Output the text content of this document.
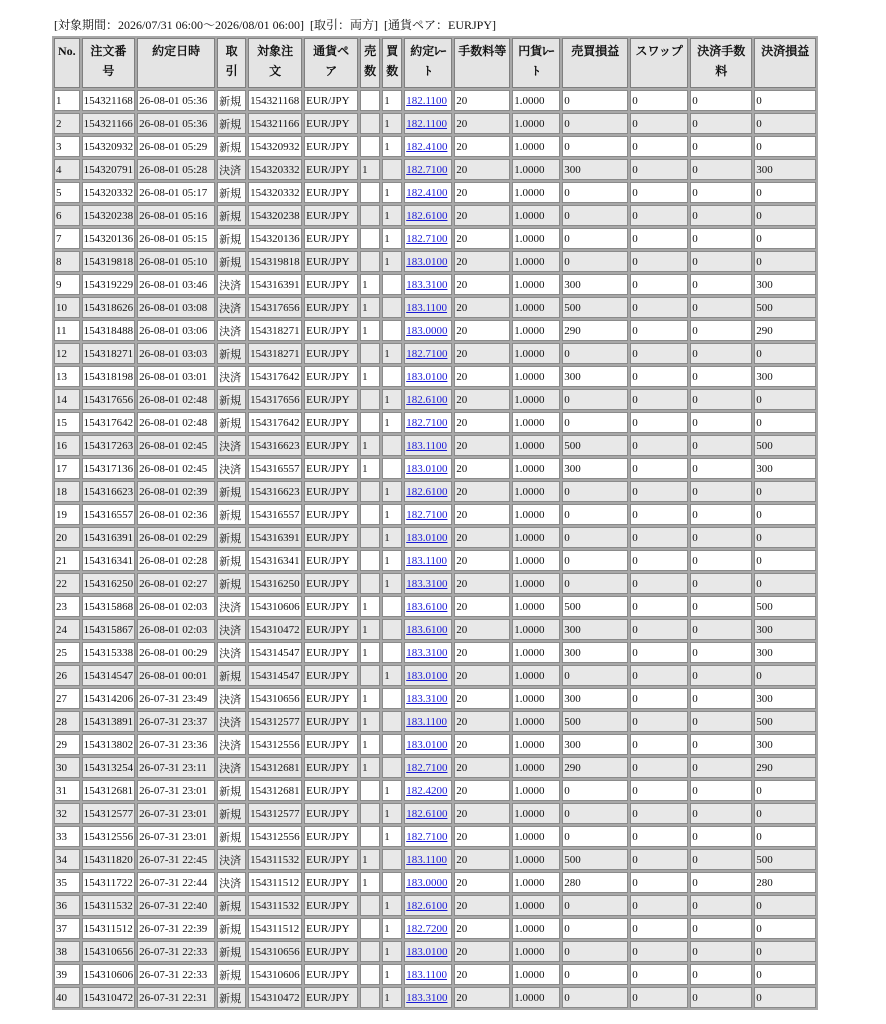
[対象期間：2026/07/31 06:00〜2026/08/01 06:00] [取引：両方] [通貨ペア：EURJPY]
No.	注文番号	約定日時	取引	対象注文	通貨ペア	売数	買数	約定ﾚｰﾄ	手数料等	円貨ﾚｰﾄ	売買損益	スワップ	決済手数料	決済損益
1	154321168	26-08-01 05:36	新規	154321168	EUR/JPY		1	182.1100	20	1.0000	0	0	0	0
2	154321166	26-08-01 05:36	新規	154321166	EUR/JPY		1	182.1100	20	1.0000	0	0	0	0
3	154320932	26-08-01 05:29	新規	154320932	EUR/JPY		1	182.4100	20	1.0000	0	0	0	0
4	154320791	26-08-01 05:28	決済	154320332	EUR/JPY	1		182.7100	20	1.0000	300	0	0	300
5	154320332	26-08-01 05:17	新規	154320332	EUR/JPY		1	182.4100	20	1.0000	0	0	0	0
6	154320238	26-08-01 05:16	新規	154320238	EUR/JPY		1	182.6100	20	1.0000	0	0	0	0
7	154320136	26-08-01 05:15	新規	154320136	EUR/JPY		1	182.7100	20	1.0000	0	0	0	0
8	154319818	26-08-01 05:10	新規	154319818	EUR/JPY		1	183.0100	20	1.0000	0	0	0	0
9	154319229	26-08-01 03:46	決済	154316391	EUR/JPY	1		183.3100	20	1.0000	300	0	0	300
10	154318626	26-08-01 03:08	決済	154317656	EUR/JPY	1		183.1100	20	1.0000	500	0	0	500
11	154318488	26-08-01 03:06	決済	154318271	EUR/JPY	1		183.0000	20	1.0000	290	0	0	290
12	154318271	26-08-01 03:03	新規	154318271	EUR/JPY		1	182.7100	20	1.0000	0	0	0	0
13	154318198	26-08-01 03:01	決済	154317642	EUR/JPY	1		183.0100	20	1.0000	300	0	0	300
14	154317656	26-08-01 02:48	新規	154317656	EUR/JPY		1	182.6100	20	1.0000	0	0	0	0
15	154317642	26-08-01 02:48	新規	154317642	EUR/JPY		1	182.7100	20	1.0000	0	0	0	0
16	154317263	26-08-01 02:45	決済	154316623	EUR/JPY	1		183.1100	20	1.0000	500	0	0	500
17	154317136	26-08-01 02:45	決済	154316557	EUR/JPY	1		183.0100	20	1.0000	300	0	0	300
18	154316623	26-08-01 02:39	新規	154316623	EUR/JPY		1	182.6100	20	1.0000	0	0	0	0
19	154316557	26-08-01 02:36	新規	154316557	EUR/JPY		1	182.7100	20	1.0000	0	0	0	0
20	154316391	26-08-01 02:29	新規	154316391	EUR/JPY		1	183.0100	20	1.0000	0	0	0	0
21	154316341	26-08-01 02:28	新規	154316341	EUR/JPY		1	183.1100	20	1.0000	0	0	0	0
22	154316250	26-08-01 02:27	新規	154316250	EUR/JPY		1	183.3100	20	1.0000	0	0	0	0
23	154315868	26-08-01 02:03	決済	154310606	EUR/JPY	1		183.6100	20	1.0000	500	0	0	500
24	154315867	26-08-01 02:03	決済	154310472	EUR/JPY	1		183.6100	20	1.0000	300	0	0	300
25	154315338	26-08-01 00:29	決済	154314547	EUR/JPY	1		183.3100	20	1.0000	300	0	0	300
26	154314547	26-08-01 00:01	新規	154314547	EUR/JPY		1	183.0100	20	1.0000	0	0	0	0
27	154314206	26-07-31 23:49	決済	154310656	EUR/JPY	1		183.3100	20	1.0000	300	0	0	300
28	154313891	26-07-31 23:37	決済	154312577	EUR/JPY	1		183.1100	20	1.0000	500	0	0	500
29	154313802	26-07-31 23:36	決済	154312556	EUR/JPY	1		183.0100	20	1.0000	300	0	0	300
30	154313254	26-07-31 23:11	決済	154312681	EUR/JPY	1		182.7100	20	1.0000	290	0	0	290
31	154312681	26-07-31 23:01	新規	154312681	EUR/JPY		1	182.4200	20	1.0000	0	0	0	0
32	154312577	26-07-31 23:01	新規	154312577	EUR/JPY		1	182.6100	20	1.0000	0	0	0	0
33	154312556	26-07-31 23:01	新規	154312556	EUR/JPY		1	182.7100	20	1.0000	0	0	0	0
34	154311820	26-07-31 22:45	決済	154311532	EUR/JPY	1		183.1100	20	1.0000	500	0	0	500
35	154311722	26-07-31 22:44	決済	154311512	EUR/JPY	1		183.0000	20	1.0000	280	0	0	280
36	154311532	26-07-31 22:40	新規	154311532	EUR/JPY		1	182.6100	20	1.0000	0	0	0	0
37	154311512	26-07-31 22:39	新規	154311512	EUR/JPY		1	182.7200	20	1.0000	0	0	0	0
38	154310656	26-07-31 22:33	新規	154310656	EUR/JPY		1	183.0100	20	1.0000	0	0	0	0
39	154310606	26-07-31 22:33	新規	154310606	EUR/JPY		1	183.1100	20	1.0000	0	0	0	0
40	154310472	26-07-31 22:31	新規	154310472	EUR/JPY		1	183.3100	20	1.0000	0	0	0	0
